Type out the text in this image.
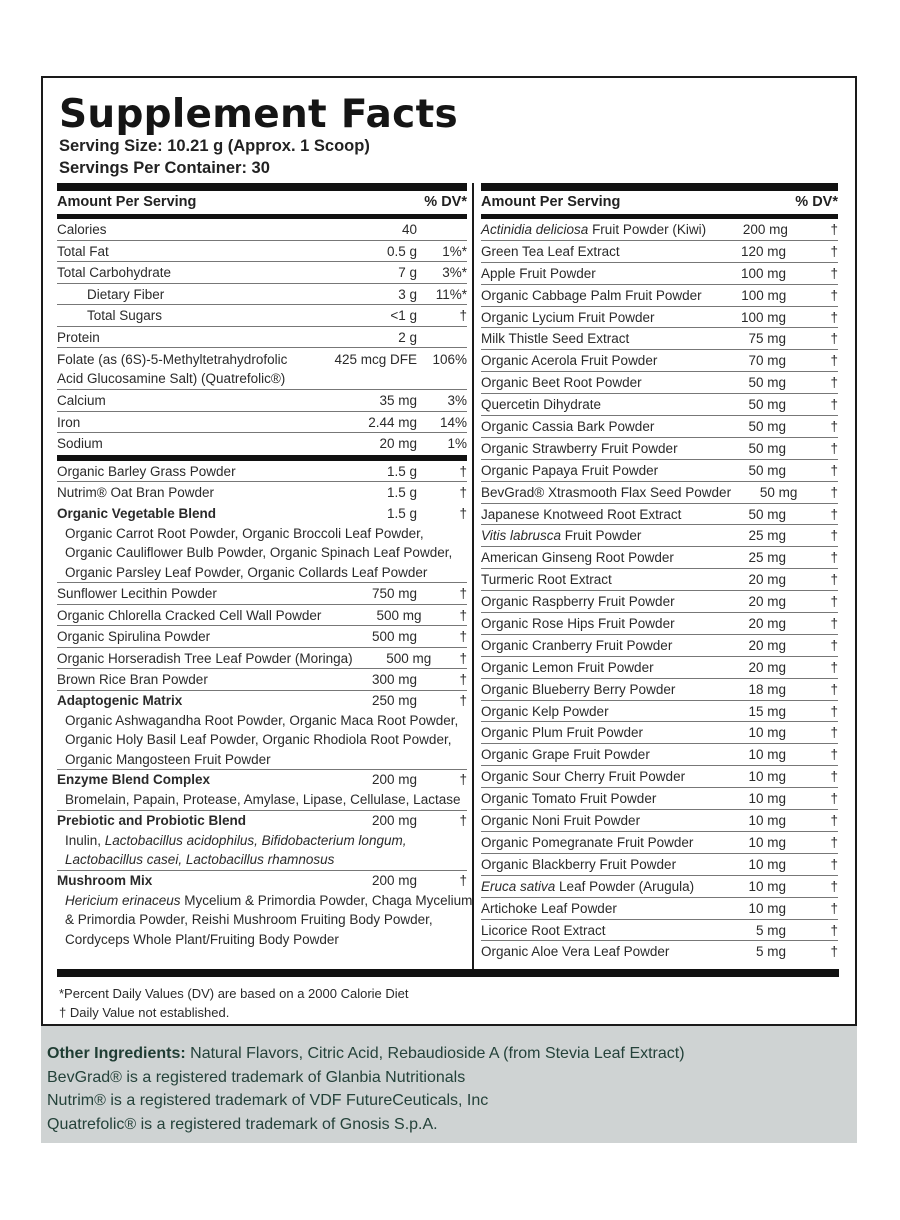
Supplement Facts
Serving Size: 10.21 g (Approx. 1 Scoop)
Servings Per Container: 30
Amount Per Serving	% DV*
Calories	40
Total Fat	0.5 g	1%*
Total Carbohydrate	7 g	3%*
Dietary Fiber	3 g	11%*
Total Sugars	<1 g	†
Protein	2 g
Folate (as (6S)-5-Methyltetrahydrofolic
Acid Glucosamine Salt) (Quatrefolic®)
425 mcg DFE	106%
Calcium	35 mg	3%
Iron	2.44 mg	14%
Sodium	20 mg	1%
Organic Barley Grass Powder	1.5 g	†
Nutrim® Oat Bran Powder	1.5 g	†
Organic Vegetable Blend	1.5 g	†
Organic Carrot Root Powder, Organic Broccoli Leaf Powder,
Organic Cauliflower Bulb Powder, Organic Spinach Leaf Powder,
Organic Parsley Leaf Powder, Organic Collards Leaf Powder
Sunflower Lecithin Powder	750 mg	†
Organic Chlorella Cracked Cell Wall Powder	500 mg	†
Organic Spirulina Powder	500 mg	†
Organic Horseradish Tree Leaf Powder (Moringa)	500 mg	†
Brown Rice Bran Powder	300 mg	†
Adaptogenic Matrix	250 mg	†
Organic Ashwagandha Root Powder, Organic Maca Root Powder,
Organic Holy Basil Leaf Powder, Organic Rhodiola Root Powder,
Organic Mangosteen Fruit Powder
Enzyme Blend Complex	200 mg	†
Bromelain, Papain, Protease, Amylase, Lipase, Cellulase, Lactase
Prebiotic and Probiotic Blend	200 mg	†
Inulin, Lactobacillus acidophilus, Bifidobacterium longum,
Lactobacillus casei, Lactobacillus rhamnosus
Mushroom Mix	200 mg	†
Hericium erinaceus Mycelium & Primordia Powder, Chaga Mycelium
& Primordia Powder, Reishi Mushroom Fruiting Body Powder,
Cordyceps Whole Plant/Fruiting Body Powder
Amount Per Serving	% DV*
Actinidia deliciosa Fruit Powder (Kiwi)	200 mg	†
Green Tea Leaf Extract	120 mg	†
Apple Fruit Powder	100 mg	†
Organic Cabbage Palm Fruit Powder	100 mg	†
Organic Lycium Fruit Powder	100 mg	†
Milk Thistle Seed Extract	75 mg	†
Organic Acerola Fruit Powder	70 mg	†
Organic Beet Root Powder	50 mg	†
Quercetin Dihydrate	50 mg	†
Organic Cassia Bark Powder	50 mg	†
Organic Strawberry Fruit Powder	50 mg	†
Organic Papaya Fruit Powder	50 mg	†
BevGrad® Xtrasmooth Flax Seed Powder	50 mg	†
Japanese Knotweed Root Extract	50 mg	†
Vitis labrusca Fruit Powder	25 mg	†
American Ginseng Root Powder	25 mg	†
Turmeric Root Extract	20 mg	†
Organic Raspberry Fruit Powder	20 mg	†
Organic Rose Hips Fruit Powder	20 mg	†
Organic Cranberry Fruit Powder	20 mg	†
Organic Lemon Fruit Powder	20 mg	†
Organic Blueberry Berry Powder	18 mg	†
Organic Kelp Powder	15 mg	†
Organic Plum Fruit Powder	10 mg	†
Organic Grape Fruit Powder	10 mg	†
Organic Sour Cherry Fruit Powder	10 mg	†
Organic Tomato Fruit Powder	10 mg	†
Organic Noni Fruit Powder	10 mg	†
Organic Pomegranate Fruit Powder	10 mg	†
Organic Blackberry Fruit Powder	10 mg	†
Eruca sativa Leaf Powder (Arugula)	10 mg	†
Artichoke Leaf Powder	10 mg	†
Licorice Root Extract	5 mg	†
Organic Aloe Vera Leaf Powder	5 mg	†
*Percent Daily Values (DV) are based on a 2000 Calorie Diet
† Daily Value not established.
Other Ingredients: Natural Flavors, Citric Acid, Rebaudioside A (from Stevia Leaf Extract)
BevGrad® is a registered trademark of Glanbia Nutritionals
Nutrim® is a registered trademark of VDF FutureCeuticals, Inc
Quatrefolic® is a registered trademark of Gnosis S.p.A.
